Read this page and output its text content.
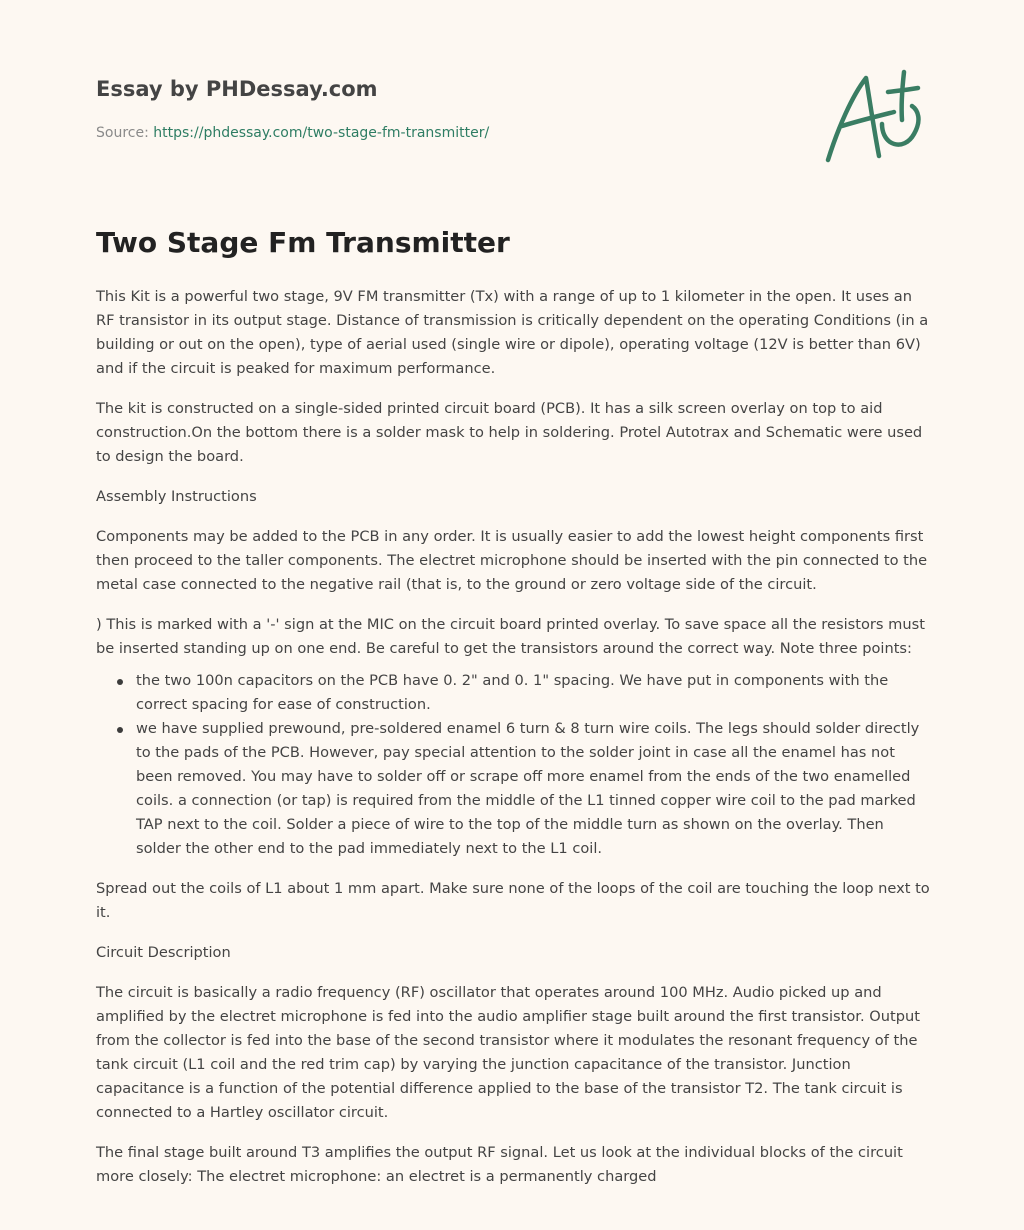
Essay by PHDessay.com
Source: https://phdessay.com/two-stage-fm-transmitter/
Two Stage Fm Transmitter

This Kit is a powerful two stage, 9V FM transmitter (Tx) with a range of up to 1 kilometer in the open. It uses an RF transistor in its output stage. Distance of transmission is critically dependent on the operating Conditions (in a building or out on the open), type of aerial used (single wire or dipole), operating voltage (12V is better than 6V) and if the circuit is peaked for maximum performance.

The kit is constructed on a single-sided printed circuit board (PCB). It has a silk screen overlay on top to aid construction.On the bottom there is a solder mask to help in soldering. Protel Autotrax and Schematic were used to design the board.

Assembly Instructions

Components may be added to the PCB in any order. It is usually easier to add the lowest height components first then proceed to the taller components. The electret microphone should be inserted with the pin connected to the metal case connected to the negative rail (that is, to the ground or zero voltage side of the circuit.

) This is marked with a '-' sign at the MIC on the circuit board printed overlay. To save space all the resistors must be inserted standing up on one end. Be careful to get the transistors around the correct way. Note three points:

the two 100n capacitors on the PCB have 0. 2" and 0. 1" spacing. We have put in components with the correct spacing for ease of construction.
we have supplied prewound, pre-soldered enamel 6 turn & 8 turn wire coils. The legs should solder directly to the pads of the PCB. However, pay special attention to the solder joint in case all the enamel has not been removed. You may have to solder off or scrape off more enamel from the ends of the two enamelled coils. a connection (or tap) is required from the middle of the L1 tinned copper wire coil to the pad marked TAP next to the coil. Solder a piece of wire to the top of the middle turn as shown on the overlay. Then solder the other end to the pad immediately next to the L1 coil.

Spread out the coils of L1 about 1 mm apart. Make sure none of the loops of the coil are touching the loop next to it.

Circuit Description

The circuit is basically a radio frequency (RF) oscillator that operates around 100 MHz. Audio picked up and amplified by the electret microphone is fed into the audio amplifier stage built around the first transistor. Output from the collector is fed into the base of the second transistor where it modulates the resonant frequency of the tank circuit (L1 coil and the red trim cap) by varying the junction capacitance of the transistor. Junction capacitance is a function of the potential difference applied to the base of the transistor T2. The tank circuit is connected to a Hartley oscillator circuit.

The final stage built around T3 amplifies the output RF signal. Let us look at the individual blocks of the circuit more closely: The electret microphone: an electret is a permanently charged
